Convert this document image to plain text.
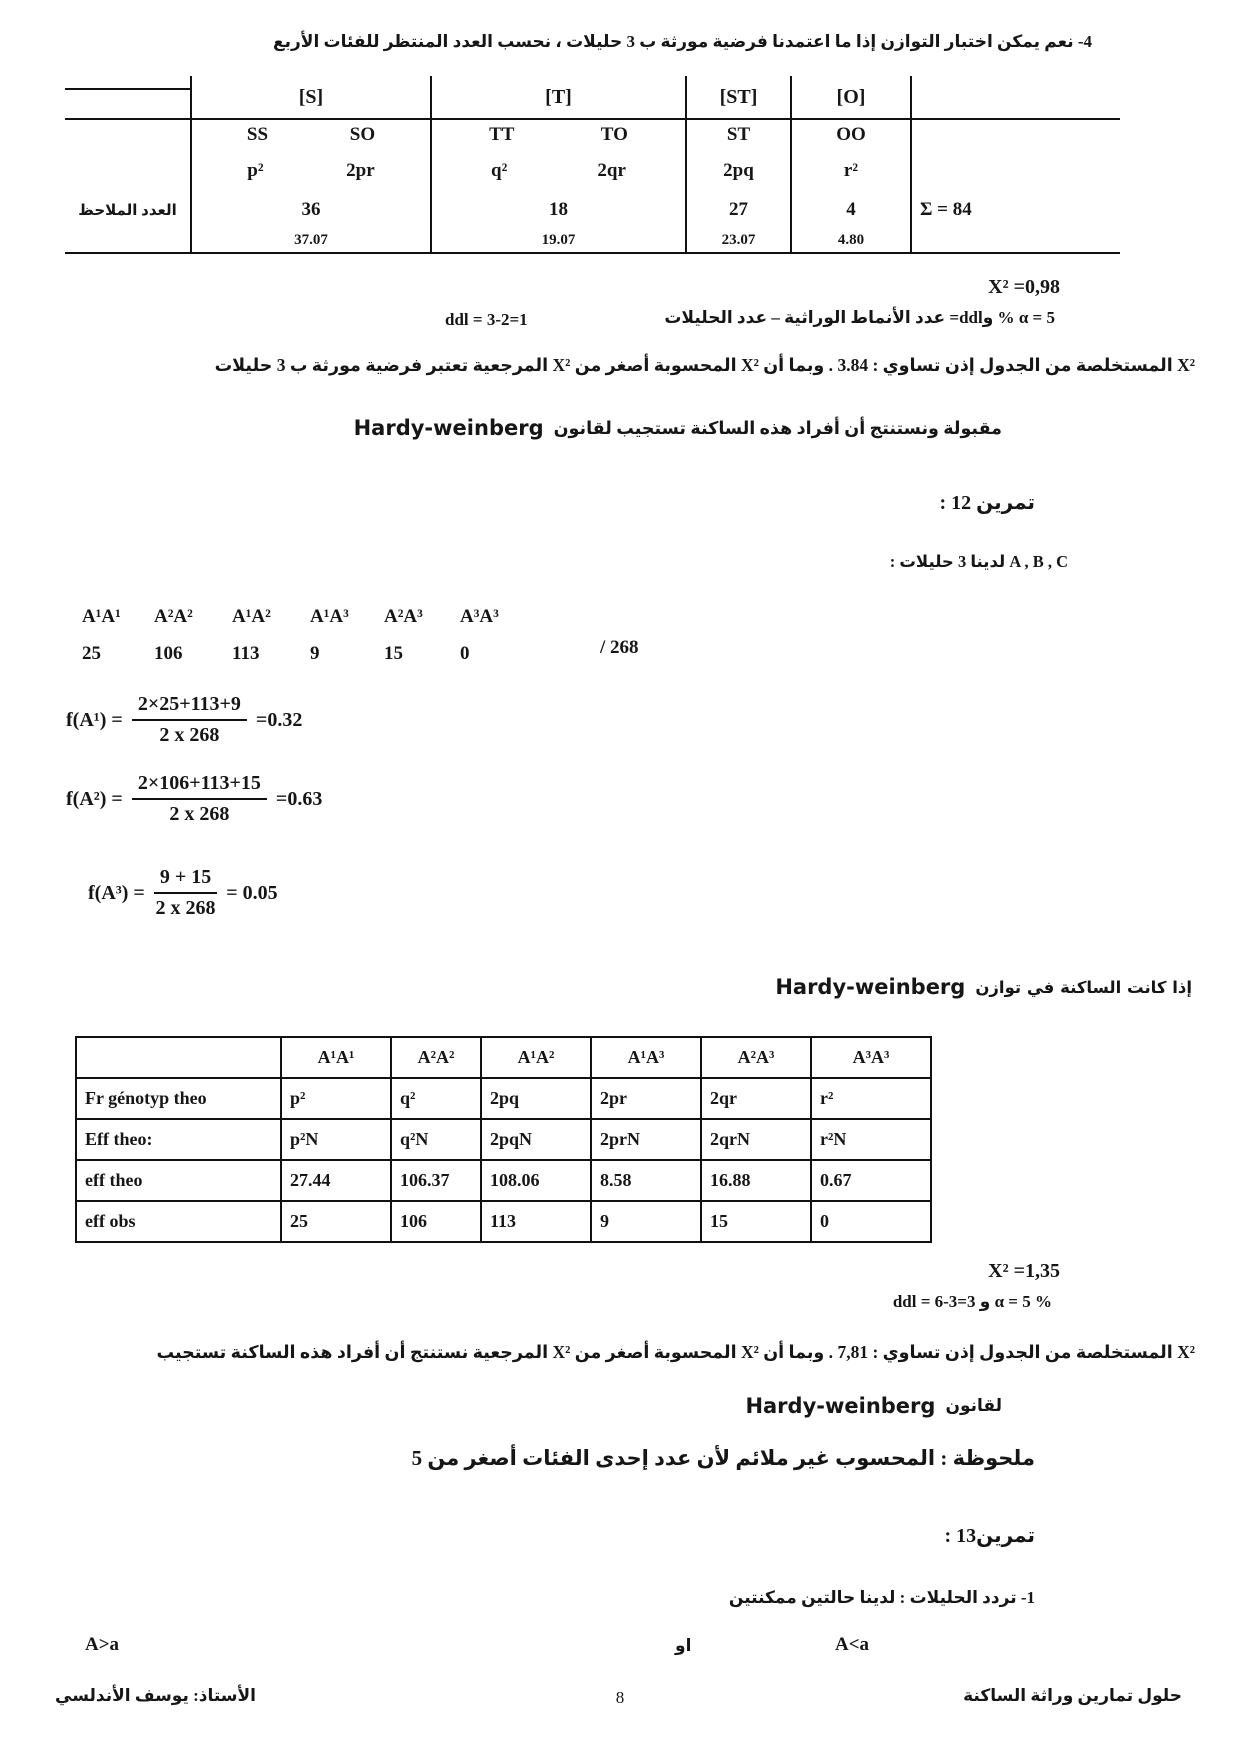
4- نعم يمكن اختبار التوازن إذا ما اعتمدنا فرضية مورثة ب 3 حليلات ، نحسب العدد المنتظر للفئات الأربع
[S]	[T]	[ST]	[O]
SS	SO	TT	TO	ST	OO
p²	2pr	q²	2qr	2pq	r²
العدد الملاحظ	36	18	27	4	Σ = 84
37.07	19.07	23.07	4.80
X² =0,98
ddl = 3-2=1	α = 5 % وddl= عدد الأنماط الوراثية – عدد الحليلات
X² المستخلصة من الجدول إذن تساوي : 3.84 . وبما أن X² المحسوبة أصغر من X² المرجعية تعتبر فرضية مورثة ب 3 حليلات
مقبولة ونستنتج أن أفراد هذه الساكنة تستجيب لقانون
Hardy-weinberg
تمرين 12 :
A , B , C لدينا 3 حليلات :
A¹A¹	A²A²	A¹A²	A¹A³	A²A³	A³A³
25	106	113	9	15	0	/ 268
$f(A^1) = \frac{2\times 25+113+9}{2 x 268} =0.32$
$f(A^2) = \frac{2\times 106+113+15}{2 x 268} =0.63$
$f(A^3) = \frac{9 + 15}{2 x 268} = 0.05$
إذا كانت الساكنة في توازن
Hardy-weinberg
	A¹A¹	A²A²	A¹A²	A¹A³	A²A³	A³A³
Fr génotyp theo	p²	q²	2pq	2pr	2qr	r²
Eff theo:	p²N	q²N	2pqN	2prN	2qrN	r²N
eff theo	27.44	106.37	108.06	8.58	16.88	0.67
eff obs	25	106	113	9	15	0
X² =1,35
ddl = 6-3=3 و α = 5 %
X² المستخلصة من الجدول إذن تساوي : 7,81 . وبما أن X² المحسوبة أصغر من X² المرجعية نستنتج أن أفراد هذه الساكنة تستجيب
لقانون
Hardy-weinberg
ملحوظة : المحسوب غير ملائم لأن عدد إحدى الفئات أصغر من 5
تمرين13 :
1- تردد الحليلات : لدينا حالتين ممكنتين
A>a	او	A<a
الأستاذ: يوسف الأندلسي	8	حلول تمارين وراثة الساكنة
